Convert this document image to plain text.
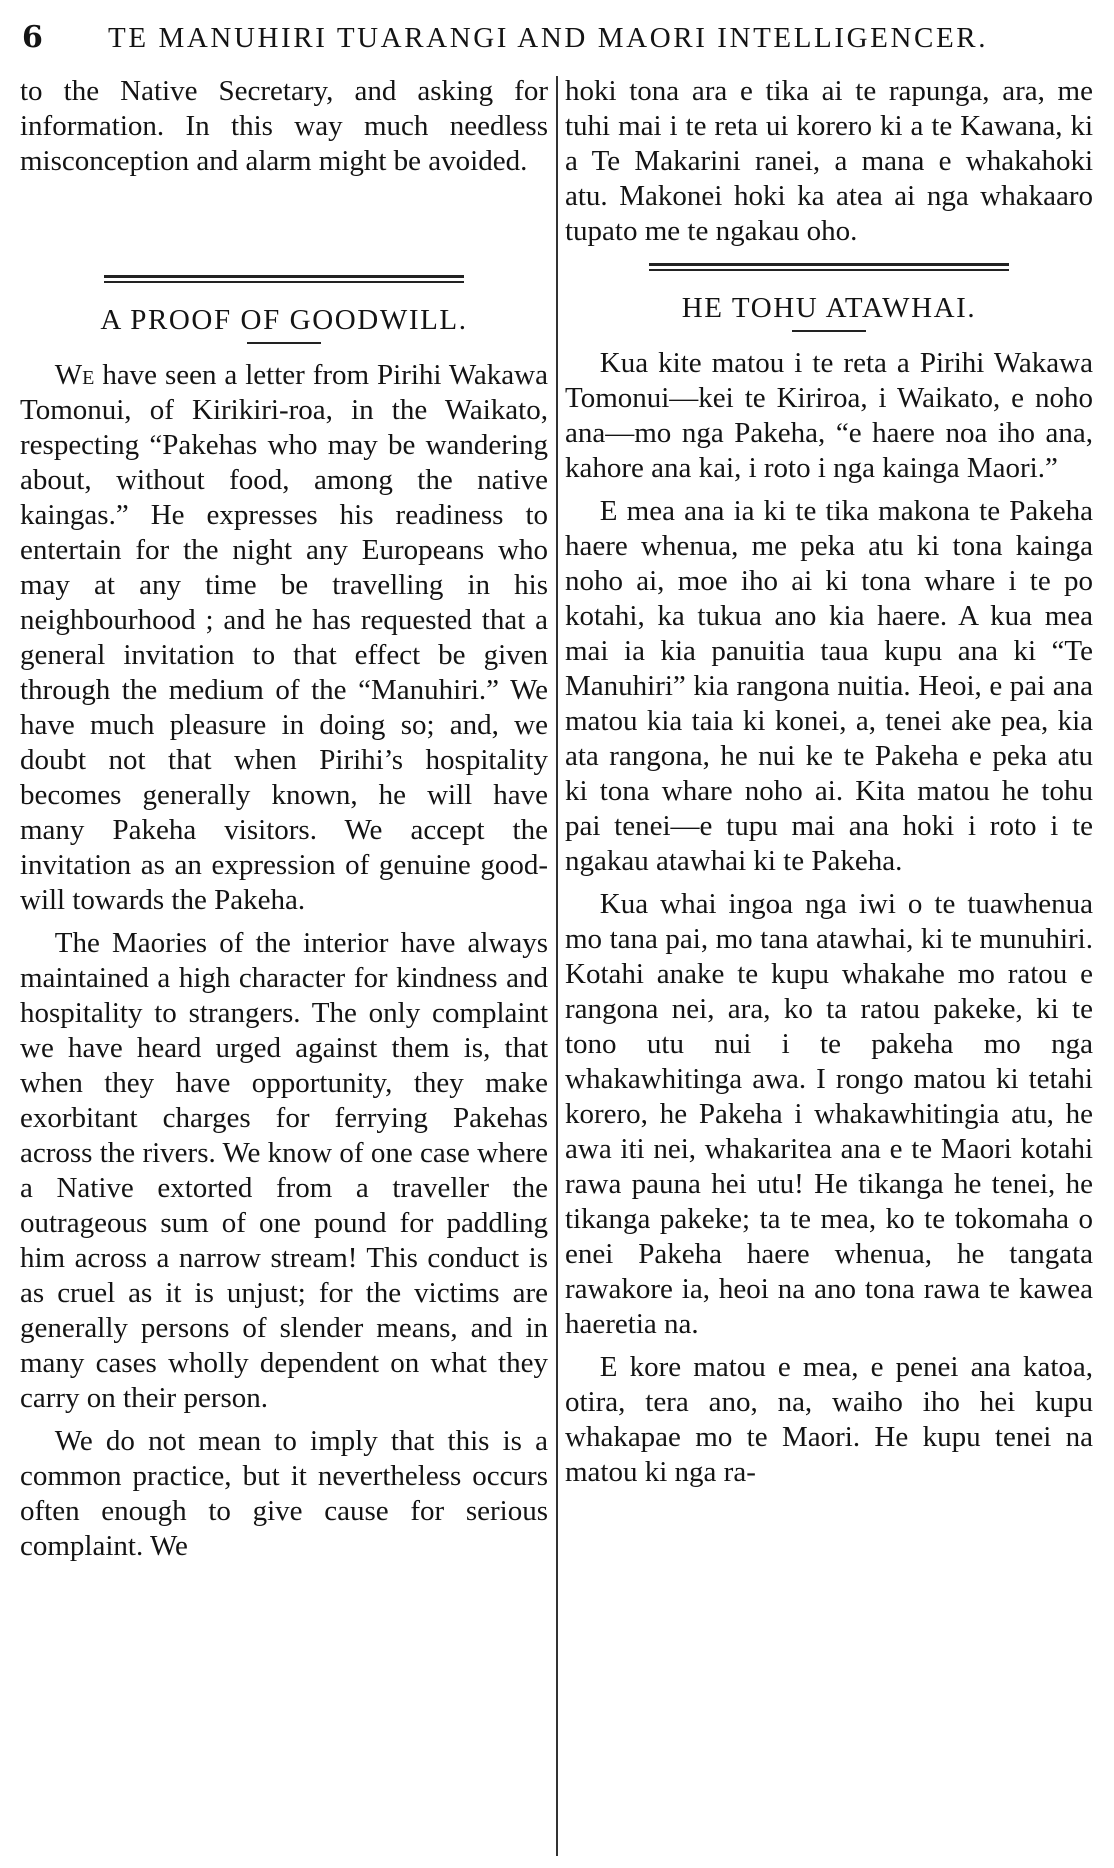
6 TE MANUHIRI TUARANGI AND MAORI INTELLIGENCER.

to the Native Secretary, and asking for information. In this way much needless misconception and alarm might be avoided.

A PROOF OF GOODWILL.

We have seen a letter from Pirihi Wakawa Tomonui, of Kirikiri-roa, in the Waikato, respecting “Pakehas who may be wandering about, without food, among the native kaingas.” He expresses his readiness to entertain for the night any Europeans who may at any time be travelling in his neighbourhood ; and he has requested that a general invitation to that effect be given through the medium of the “Manuhiri.” We have much pleasure in doing so; and, we doubt not that when Pirihi’s hospitality becomes generally known, he will have many Pakeha visitors. We accept the invitation as an expression of genuine good-will towards the Pakeha.

The Maories of the interior have always maintained a high character for kindness and hospitality to strangers. The only complaint we have heard urged against them is, that when they have opportunity, they make exorbitant charges for ferrying Pakehas across the rivers. We know of one case where a Native extorted from a traveller the outrageous sum of one pound for paddling him across a narrow stream! This conduct is as cruel as it is unjust; for the victims are generally persons of slender means, and in many cases wholly dependent on what they carry on their person.

We do not mean to imply that this is a common practice, but it nevertheless occurs often enough to give cause for serious complaint. We

hoki tona ara e tika ai te rapunga, ara, me tuhi mai i te reta ui korero ki a te Kawana, ki a Te Makarini ranei, a mana e whakahoki atu. Makonei hoki ka atea ai nga whakaaro tupato me te ngakau oho.

HE TOHU ATAWHAI.

Kua kite matou i te reta a Pirihi Wakawa Tomonui—kei te Kiriroa, i Waikato, e noho ana—mo nga Pakeha, “e haere noa iho ana, kahore ana kai, i roto i nga kainga Maori.”

E mea ana ia ki te tika makona te Pakeha haere whenua, me peka atu ki tona kainga noho ai, moe iho ai ki tona whare i te po kotahi, ka tukua ano kia haere. A kua mea mai ia kia panuitia taua kupu ana ki “Te Manuhiri” kia rangona nuitia. Heoi, e pai ana matou kia taia ki konei, a, tenei ake pea, kia ata rangona, he nui ke te Pakeha e peka atu ki tona whare noho ai. Kita matou he tohu pai tenei—e tupu mai ana hoki i roto i te ngakau atawhai ki te Pakeha.

Kua whai ingoa nga iwi o te tuawhenua mo tana pai, mo tana atawhai, ki te munuhiri. Kotahi anake te kupu whakahe mo ratou e rangona nei, ara, ko ta ratou pakeke, ki te tono utu nui i te pakeha mo nga whakawhitinga awa. I rongo matou ki tetahi korero, he Pakeha i whakawhitingia atu, he awa iti nei, whakaritea ana e te Maori kotahi rawa pauna hei utu! He tikanga he tenei, he tikanga pakeke; ta te mea, ko te tokomaha o enei Pakeha haere whenua, he tangata rawakore ia, heoi na ano tona rawa te kawea haeretia na.

E kore matou e mea, e penei ana katoa, otira, tera ano, na, waiho iho hei kupu whakapae mo te Maori. He kupu tenei na matou ki nga ra-
